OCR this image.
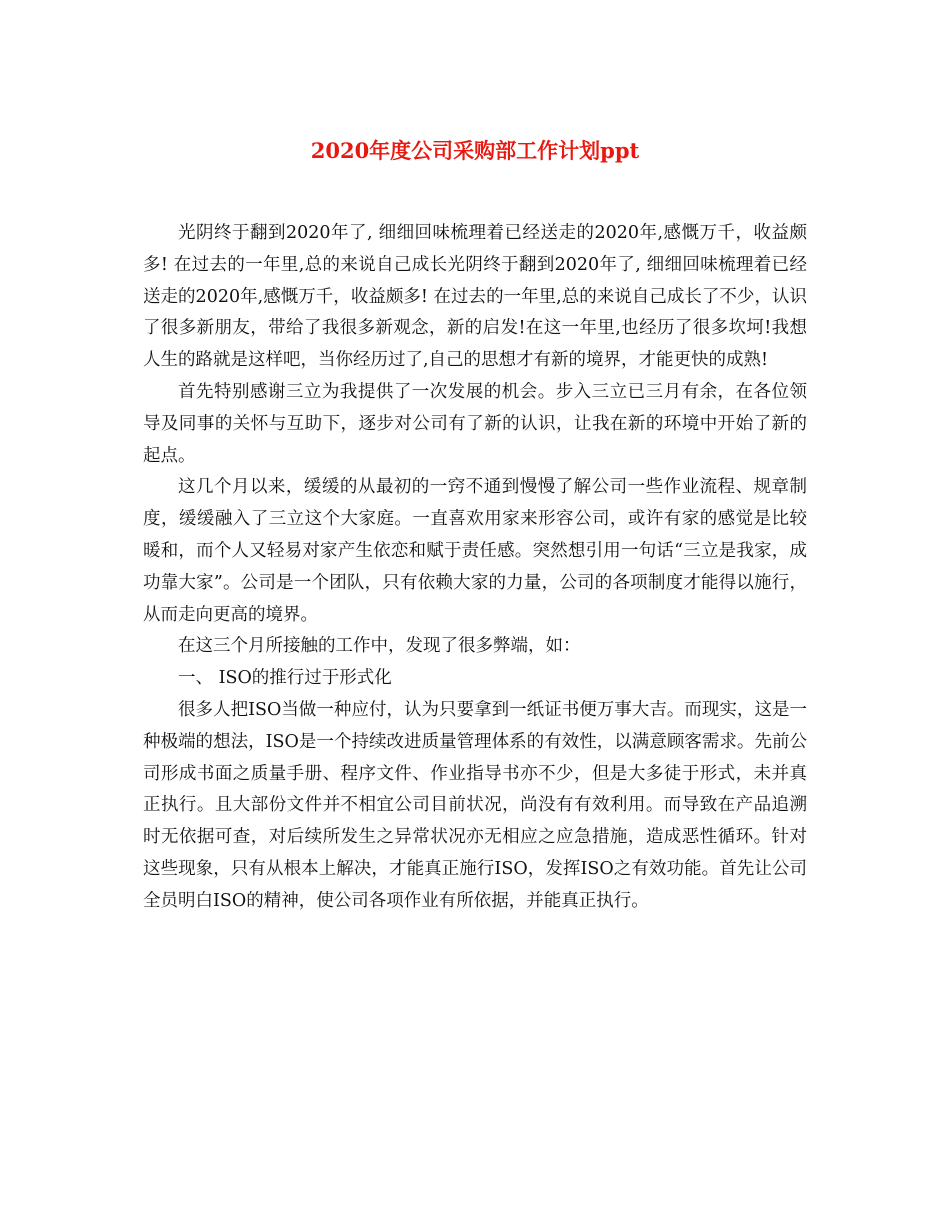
2020年度公司采购部工作计划ppt

光阴终于翻到2020年了, 细细回味梳理着已经送走的2020年,感慨万千，收益颇多! 在过去的一年里,总的来说自己成长光阴终于翻到2020年了, 细细回味梳理着已经送走的2020年,感慨万千，收益颇多! 在过去的一年里,总的来说自己成长了不少，认识了很多新朋友，带给了我很多新观念，新的启发!在这一年里,也经历了很多坎坷!我想人生的路就是这样吧，当你经历过了,自己的思想才有新的境界，才能更快的成熟!

首先特别感谢三立为我提供了一次发展的机会。步入三立已三月有余，在各位领导及同事的关怀与互助下，逐步对公司有了新的认识，让我在新的环境中开始了新的起点。

这几个月以来，缓缓的从最初的一窍不通到慢慢了解公司一些作业流程、规章制度，缓缓融入了三立这个大家庭。一直喜欢用家来形容公司，或许有家的感觉是比较暖和，而个人又轻易对家产生依恋和赋于责任感。突然想引用一句话“三立是我家，成功靠大家”。公司是一个团队，只有依赖大家的力量，公司的各项制度才能得以施行，从而走向更高的境界。

在这三个月所接触的工作中，发现了很多弊端，如：

一、 ISO的推行过于形式化

很多人把ISO当做一种应付，认为只要拿到一纸证书便万事大吉。而现实，这是一种极端的想法，ISO是一个持续改进质量管理体系的有效性，以满意顾客需求。先前公司形成书面之质量手册、程序文件、作业指导书亦不少，但是大多徒于形式，未并真正执行。且大部份文件并不相宜公司目前状况，尚没有有效利用。而导致在产品追溯时无依据可查，对后续所发生之异常状况亦无相应之应急措施，造成恶性循环。针对这些现象，只有从根本上解决，才能真正施行ISO，发挥ISO之有效功能。首先让公司全员明白ISO的精神，使公司各项作业有所依据，并能真正执行。
